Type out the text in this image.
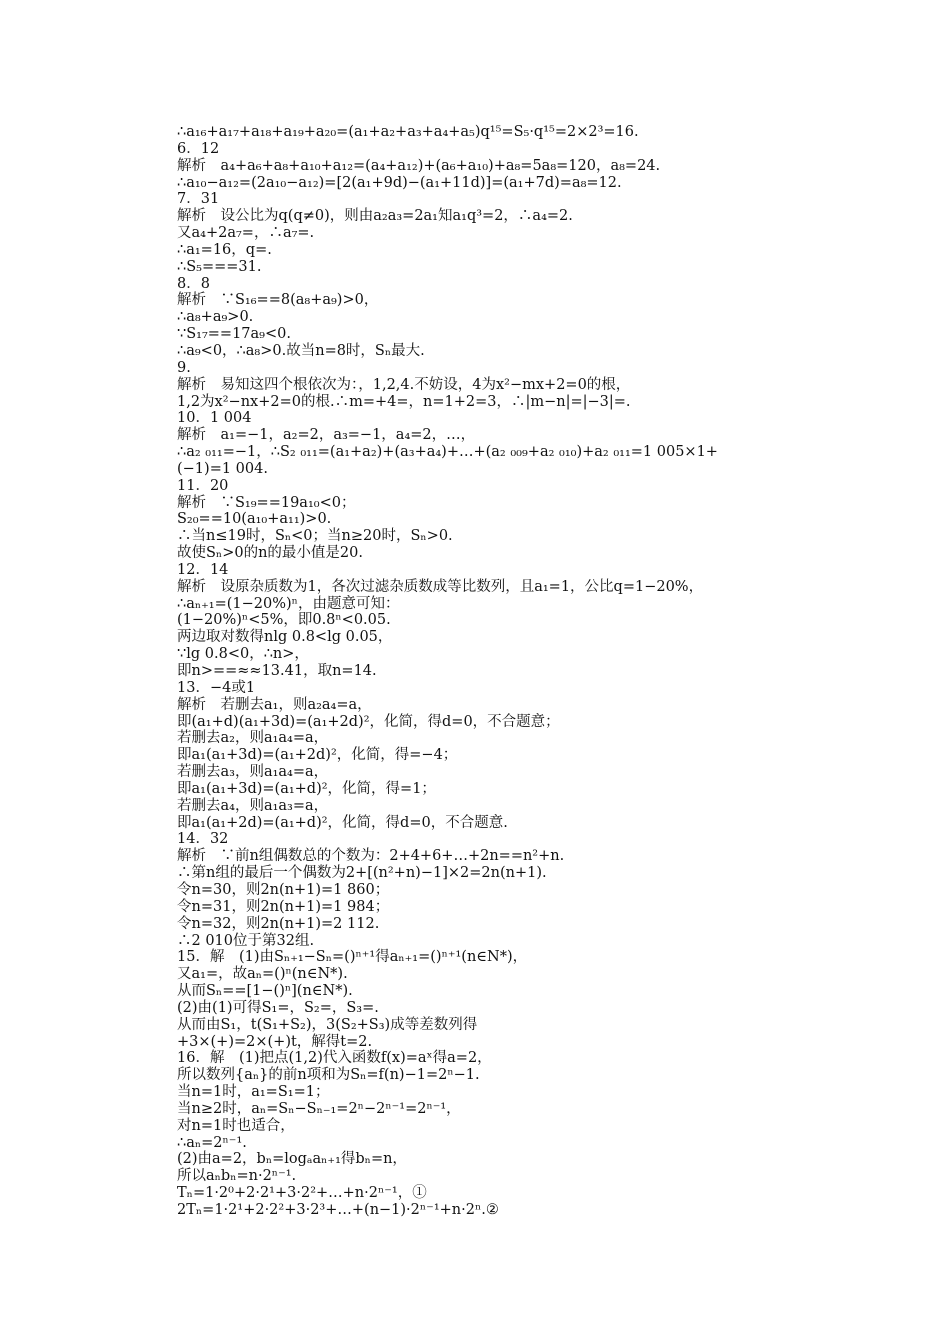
∴a₁₆+a₁₇+a₁₈+a₁₉+a₂₀=(a₁+a₂+a₃+a₄+a₅)q¹⁵=S₅·q¹⁵=2×2³=16.
6．12
解析　a₄+a₆+a₈+a₁₀+a₁₂=(a₄+a₁₂)+(a₆+a₁₀)+a₈=5a₈=120，a₈=24.
∴a₁₀−a₁₂=(2a₁₀−a₁₂)=[2(a₁+9d)−(a₁+11d)]=(a₁+7d)=a₈=12.
7．31
解析　设公比为q(q≠0)，则由a₂a₃=2a₁知a₁q³=2，∴a₄=2.
又a₄+2a₇=，∴a₇=.
∴a₁=16，q=.
∴S₅===31.
8．8
解析　∵S₁₆==8(a₈+a₉)>0，
∴a₈+a₉>0.
∵S₁₇==17a₉<0.
∴a₉<0，∴a₈>0.故当n=8时，Sₙ最大.
9.
解析　易知这四个根依次为：，1,2,4.不妨设，4为x²−mx+2=0的根，
1,2为x²−nx+2=0的根.∴m=+4=，n=1+2=3，∴|m−n|=|−3|=.
10．1 004
解析　a₁=−1，a₂=2，a₃=−1，a₄=2，…，
∴a₂ ₀₁₁=−1，∴S₂ ₀₁₁=(a₁+a₂)+(a₃+a₄)+…+(a₂ ₀₀₉+a₂ ₀₁₀)+a₂ ₀₁₁=1 005×1+
(−1)=1 004.
11．20
解析　∵S₁₉==19a₁₀<0；
S₂₀==10(a₁₀+a₁₁)>0.
∴当n≤19时，Sₙ<0；当n≥20时，Sₙ>0.
故使Sₙ>0的n的最小值是20.
12．14
解析　设原杂质数为1，各次过滤杂质数成等比数列，且a₁=1，公比q=1−20%，
∴aₙ₊₁=(1−20%)ⁿ，由题意可知：
(1−20%)ⁿ<5%，即0.8ⁿ<0.05.
两边取对数得nlg 0.8<lg 0.05，
∵lg 0.8<0，∴n>，
即n>==≈≈13.41，取n=14.
13．−4或1
解析　若删去a₁，则a₂a₄=a，
即(a₁+d)(a₁+3d)=(a₁+2d)²，化简，得d=0，不合题意；
若删去a₂，则a₁a₄=a，
即a₁(a₁+3d)=(a₁+2d)²，化简，得=−4；
若删去a₃，则a₁a₄=a，
即a₁(a₁+3d)=(a₁+d)²，化简，得=1；
若删去a₄，则a₁a₃=a，
即a₁(a₁+2d)=(a₁+d)²，化简，得d=0，不合题意.
14．32
解析　∵前n组偶数总的个数为：2+4+6+…+2n==n²+n.
∴第n组的最后一个偶数为2+[(n²+n)−1]×2=2n(n+1).
令n=30，则2n(n+1)=1 860；
令n=31，则2n(n+1)=1 984；
令n=32，则2n(n+1)=2 112.
∴2 010位于第32组.
15．解　(1)由Sₙ₊₁−Sₙ=()ⁿ⁺¹得aₙ₊₁=()ⁿ⁺¹(n∈N*)，
又a₁=，故aₙ=()ⁿ(n∈N*).
从而Sₙ==[1−()ⁿ](n∈N*).
(2)由(1)可得S₁=，S₂=，S₃=.
从而由S₁，t(S₁+S₂)，3(S₂+S₃)成等差数列得
+3×(+)=2×(+)t，解得t=2.
16．解　(1)把点(1,2)代入函数f(x)=aˣ得a=2，
所以数列{aₙ}的前n项和为Sₙ=f(n)−1=2ⁿ−1.
当n=1时，a₁=S₁=1；
当n≥2时，aₙ=Sₙ−Sₙ₋₁=2ⁿ−2ⁿ⁻¹=2ⁿ⁻¹，
对n=1时也适合，
∴aₙ=2ⁿ⁻¹.
(2)由a=2，bₙ=logₐaₙ₊₁得bₙ=n，
所以aₙbₙ=n·2ⁿ⁻¹.
Tₙ=1·2⁰+2·2¹+3·2²+…+n·2ⁿ⁻¹，①
2Tₙ=1·2¹+2·2²+3·2³+…+(n−1)·2ⁿ⁻¹+n·2ⁿ.②
